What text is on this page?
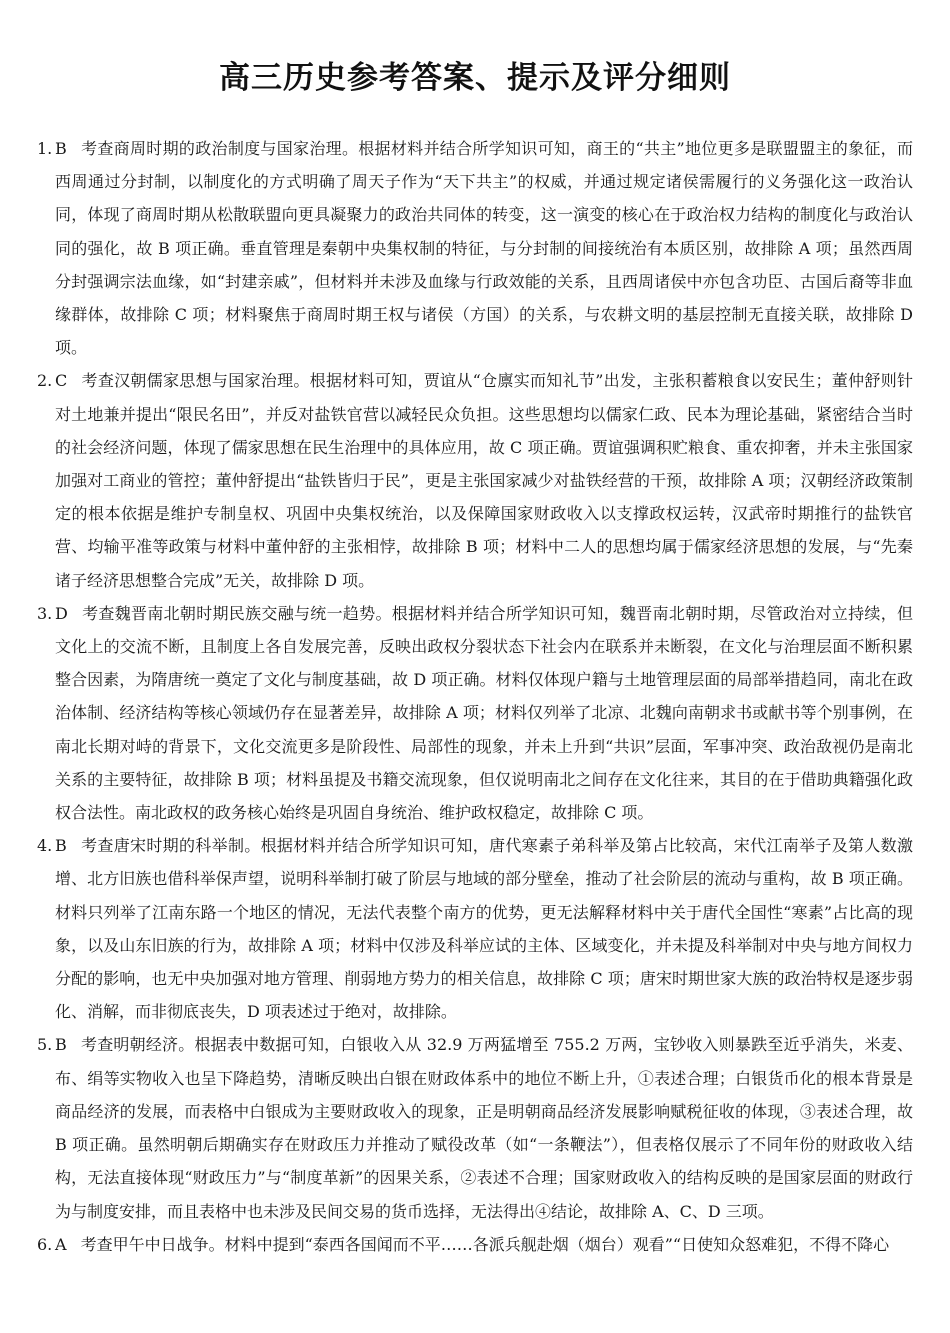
高三历史参考答案、提示及评分细则

1. B 考查商周时期的政治制度与国家治理。根据材料并结合所学知识可知，商王的“共主”地位更多是联盟盟主的象征，而西周通过分封制，以制度化的方式明确了周天子作为“天下共主”的权威，并通过规定诸侯需履行的义务强化这一政治认同，体现了商周时期从松散联盟向更具凝聚力的政治共同体的转变，这一演变的核心在于政治权力结构的制度化与政治认同的强化，故 B 项正确。垂直管理是秦朝中央集权制的特征，与分封制的间接统治有本质区别，故排除 A 项；虽然西周分封强调宗法血缘，如“封建亲戚”，但材料并未涉及血缘与行政效能的关系，且西周诸侯中亦包含功臣、古国后裔等非血缘群体，故排除 C 项；材料聚焦于商周时期王权与诸侯（方国）的关系，与农耕文明的基层控制无直接关联，故排除 D 项。

2. C 考查汉朝儒家思想与国家治理。根据材料可知，贾谊从“仓廪实而知礼节”出发，主张积蓄粮食以安民生；董仲舒则针对土地兼并提出“限民名田”，并反对盐铁官营以减轻民众负担。这些思想均以儒家仁政、民本为理论基础，紧密结合当时的社会经济问题，体现了儒家思想在民生治理中的具体应用，故 C 项正确。贾谊强调积贮粮食、重农抑奢，并未主张国家加强对工商业的管控；董仲舒提出“盐铁皆归于民”，更是主张国家减少对盐铁经营的干预，故排除 A 项；汉朝经济政策制定的根本依据是维护专制皇权、巩固中央集权统治，以及保障国家财政收入以支撑政权运转，汉武帝时期推行的盐铁官营、均输平准等政策与材料中董仲舒的主张相悖，故排除 B 项；材料中二人的思想均属于儒家经济思想的发展，与“先秦诸子经济思想整合完成”无关，故排除 D 项。

3. D 考查魏晋南北朝时期民族交融与统一趋势。根据材料并结合所学知识可知，魏晋南北朝时期，尽管政治对立持续，但文化上的交流不断，且制度上各自发展完善，反映出政权分裂状态下社会内在联系并未断裂，在文化与治理层面不断积累整合因素，为隋唐统一奠定了文化与制度基础，故 D 项正确。材料仅体现户籍与土地管理层面的局部举措趋同，南北在政治体制、经济结构等核心领域仍存在显著差异，故排除 A 项；材料仅列举了北凉、北魏向南朝求书或献书等个别事例，在南北长期对峙的背景下，文化交流更多是阶段性、局部性的现象，并未上升到“共识”层面，军事冲突、政治敌视仍是南北关系的主要特征，故排除 B 项；材料虽提及书籍交流现象，但仅说明南北之间存在文化往来，其目的在于借助典籍强化政权合法性。南北政权的政务核心始终是巩固自身统治、维护政权稳定，故排除 C 项。

4. B 考查唐宋时期的科举制。根据材料并结合所学知识可知，唐代寒素子弟科举及第占比较高，宋代江南举子及第人数激增、北方旧族也借科举保声望，说明科举制打破了阶层与地域的部分壁垒，推动了社会阶层的流动与重构，故 B 项正确。材料只列举了江南东路一个地区的情况，无法代表整个南方的优势，更无法解释材料中关于唐代全国性“寒素”占比高的现象，以及山东旧族的行为，故排除 A 项；材料中仅涉及科举应试的主体、区域变化，并未提及科举制对中央与地方间权力分配的影响，也无中央加强对地方管理、削弱地方势力的相关信息，故排除 C 项；唐宋时期世家大族的政治特权是逐步弱化、消解，而非彻底丧失，D 项表述过于绝对，故排除。

5. B 考查明朝经济。根据表中数据可知，白银收入从 32.9 万两猛增至 755.2 万两，宝钞收入则暴跌至近乎消失，米麦、布、绢等实物收入也呈下降趋势，清晰反映出白银在财政体系中的地位不断上升，①表述合理；白银货币化的根本背景是商品经济的发展，而表格中白银成为主要财政收入的现象，正是明朝商品经济发展影响赋税征收的体现，③表述合理，故 B 项正确。虽然明朝后期确实存在财政压力并推动了赋役改革（如“一条鞭法”），但表格仅展示了不同年份的财政收入结构，无法直接体现“财政压力”与“制度革新”的因果关系，②表述不合理；国家财政收入的结构反映的是国家层面的财政行为与制度安排，而且表格中也未涉及民间交易的货币选择，无法得出④结论，故排除 A、C、D 三项。

6. A 考查甲午中日战争。材料中提到“泰西各国闻而不平……各派兵舰赴烟（烟台）观看”“日使知众怒难犯，不得不降心
